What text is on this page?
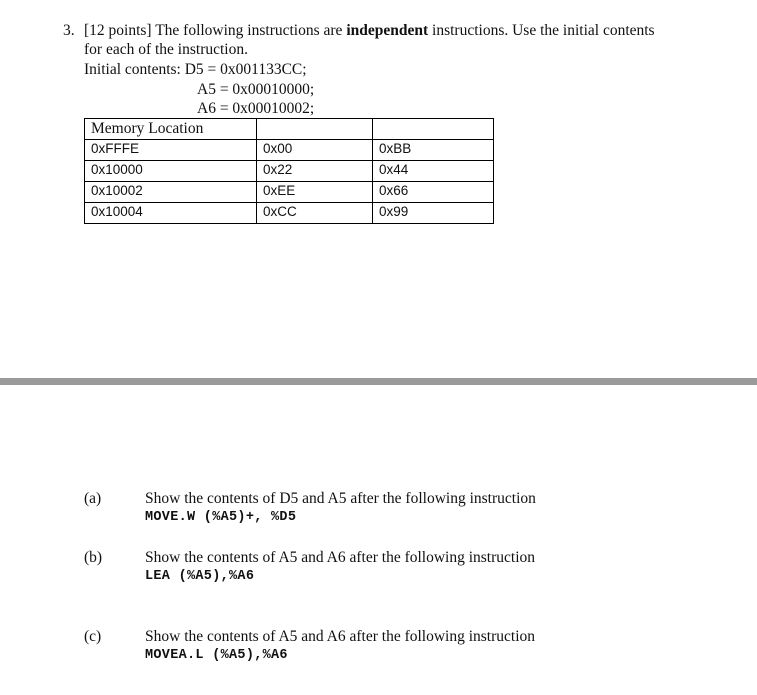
3. [12 points] The following instructions are independent instructions. Use the initial contents
for each of the instruction.
Initial contents: D5 = 0x001133CC;
A5 = 0x00010000;
A6 = 0x00010002;
Memory Location		
0xFFFE	0x00	0xBB
0x10000	0x22	0x44
0x10002	0xEE	0x66
0x10004	0xCC	0x99
(a)	Show the contents of D5 and A5 after the following instruction
MOVE.W (%A5)+, %D5
(b)	Show the contents of A5 and A6 after the following instruction
LEA (%A5),%A6
(c)	Show the contents of A5 and A6 after the following instruction
MOVEA.L (%A5),%A6
